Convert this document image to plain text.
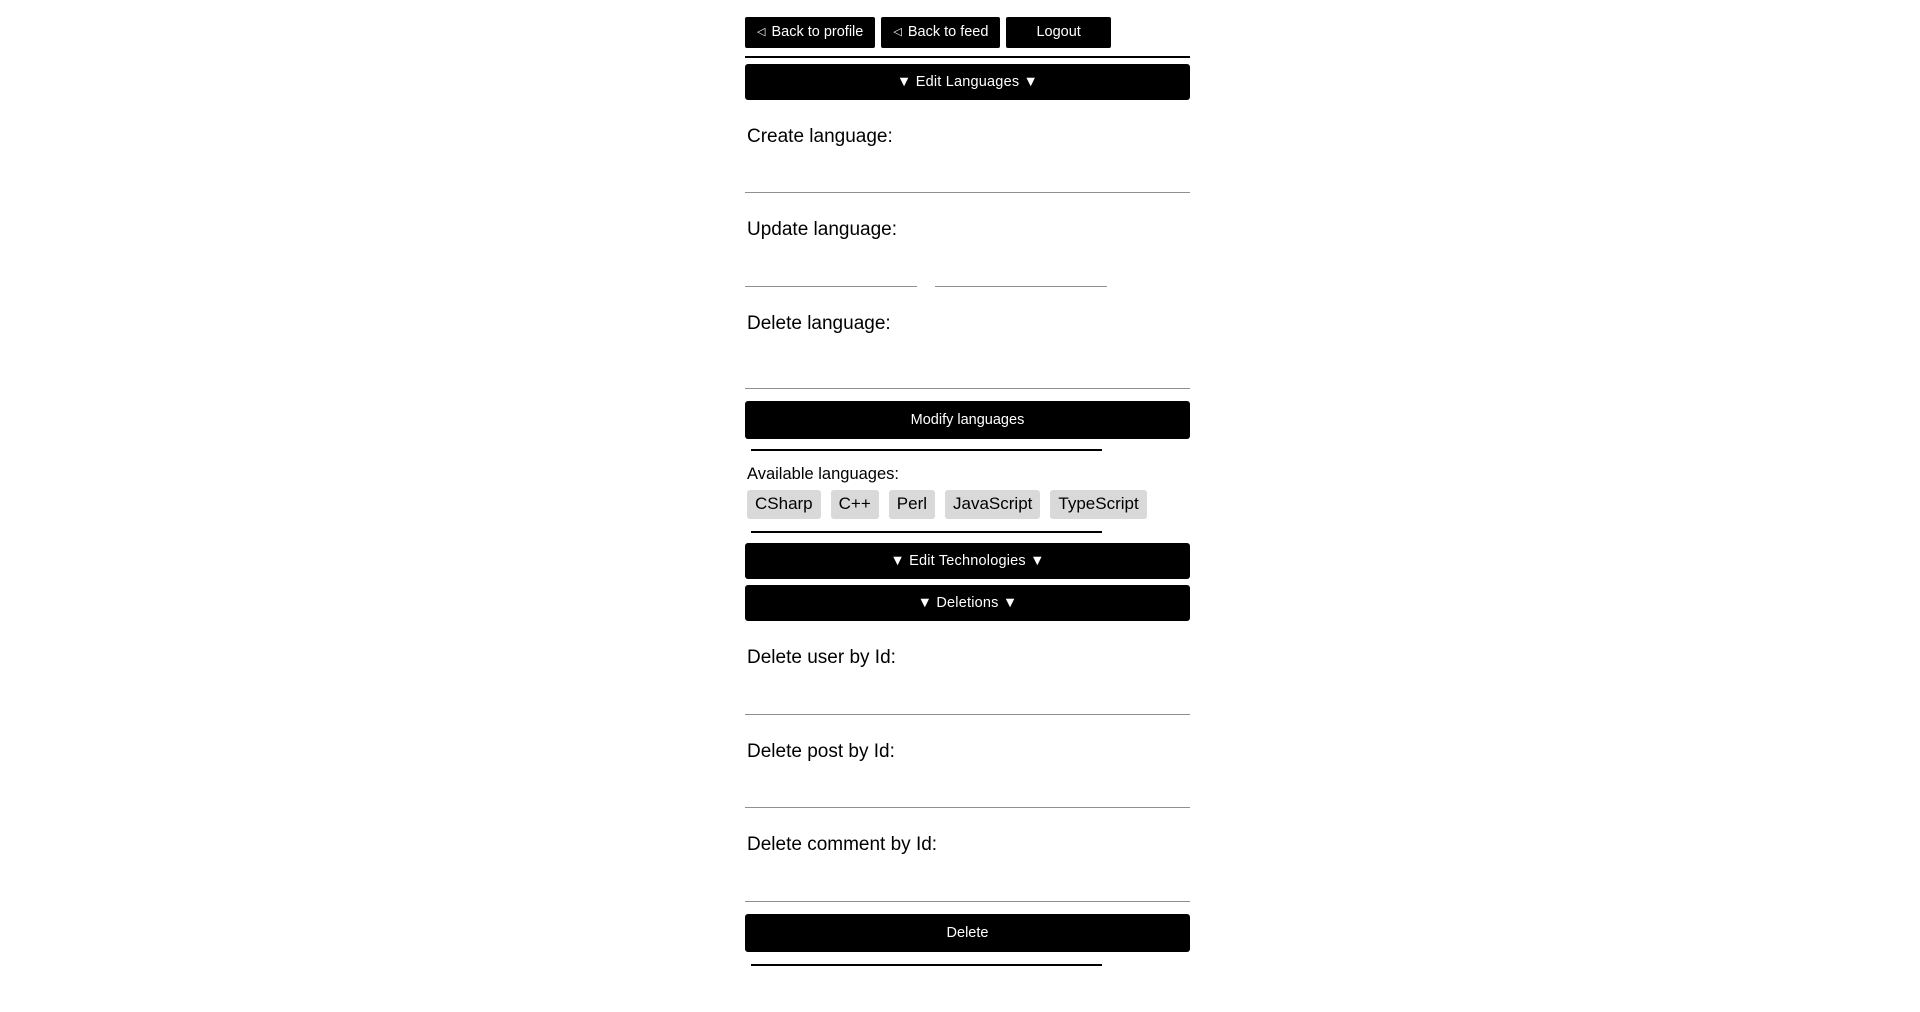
◁ Back to profile	◁ Back to feed	Logout
▼ Edit Languages ▼
Create language:
Update language:
Delete language:
Modify languages
Available languages:
CSharp	C++	Perl	JavaScript	TypeScript
▼ Edit Technologies ▼
▼ Deletions ▼
Delete user by Id:
Delete post by Id:
Delete comment by Id:
Delete
